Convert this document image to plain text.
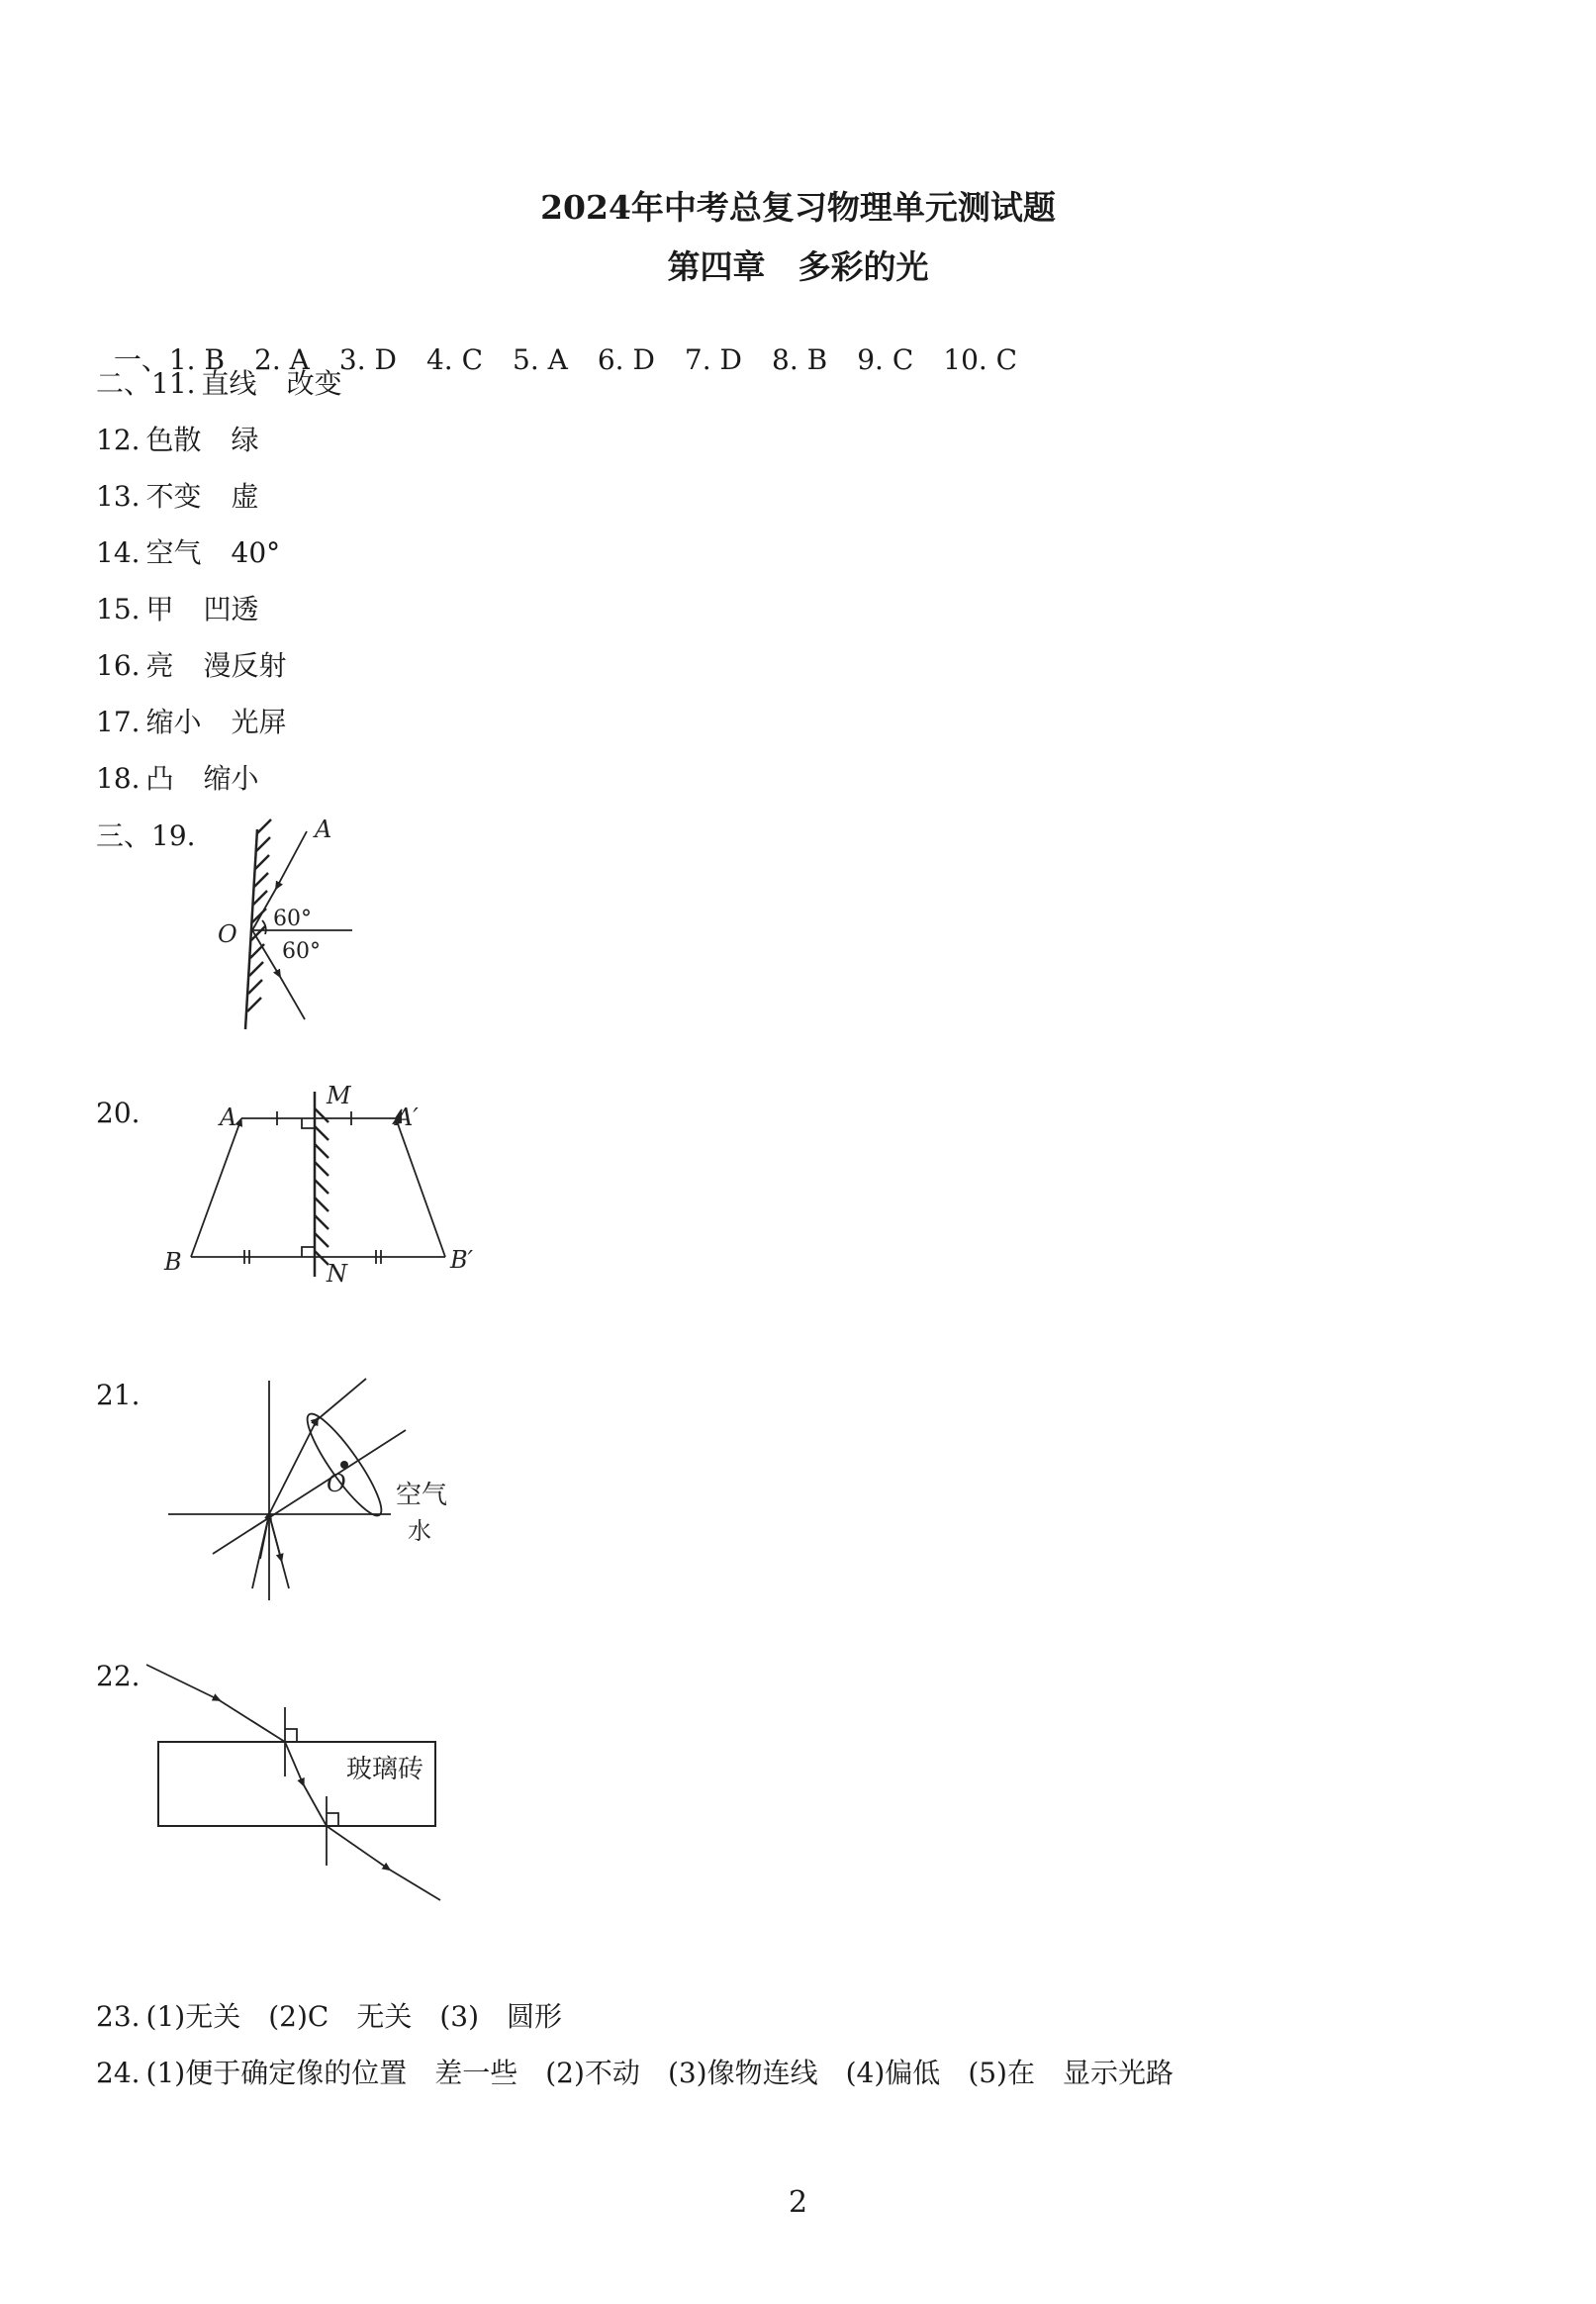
2024年中考总复习物理单元测试题
第四章　多彩的光

一、1. B 2. A 3. D 4. C 5. A 6. D 7. D 8. B 9. C 10. C

二、11. 直线 改变
12. 色散 绿
13. 不变 虚
14. 空气 40°
15. 甲 凹透
16. 亮 漫反射
17. 缩小 光屏
18. 凸 缩小
三、19.	A
O
60°
60°
20.	A
M
A′
B	N	B′
21.
O 空气
水
22.
玻璃砖
23. (1)无关　 (2)C　 无关　 (3)　 圆形
24. (1)便于确定像的位置　 差一些　 (2)不动　 (3)像物连线　 (4)偏低　 (5)在　 显示光路
2
